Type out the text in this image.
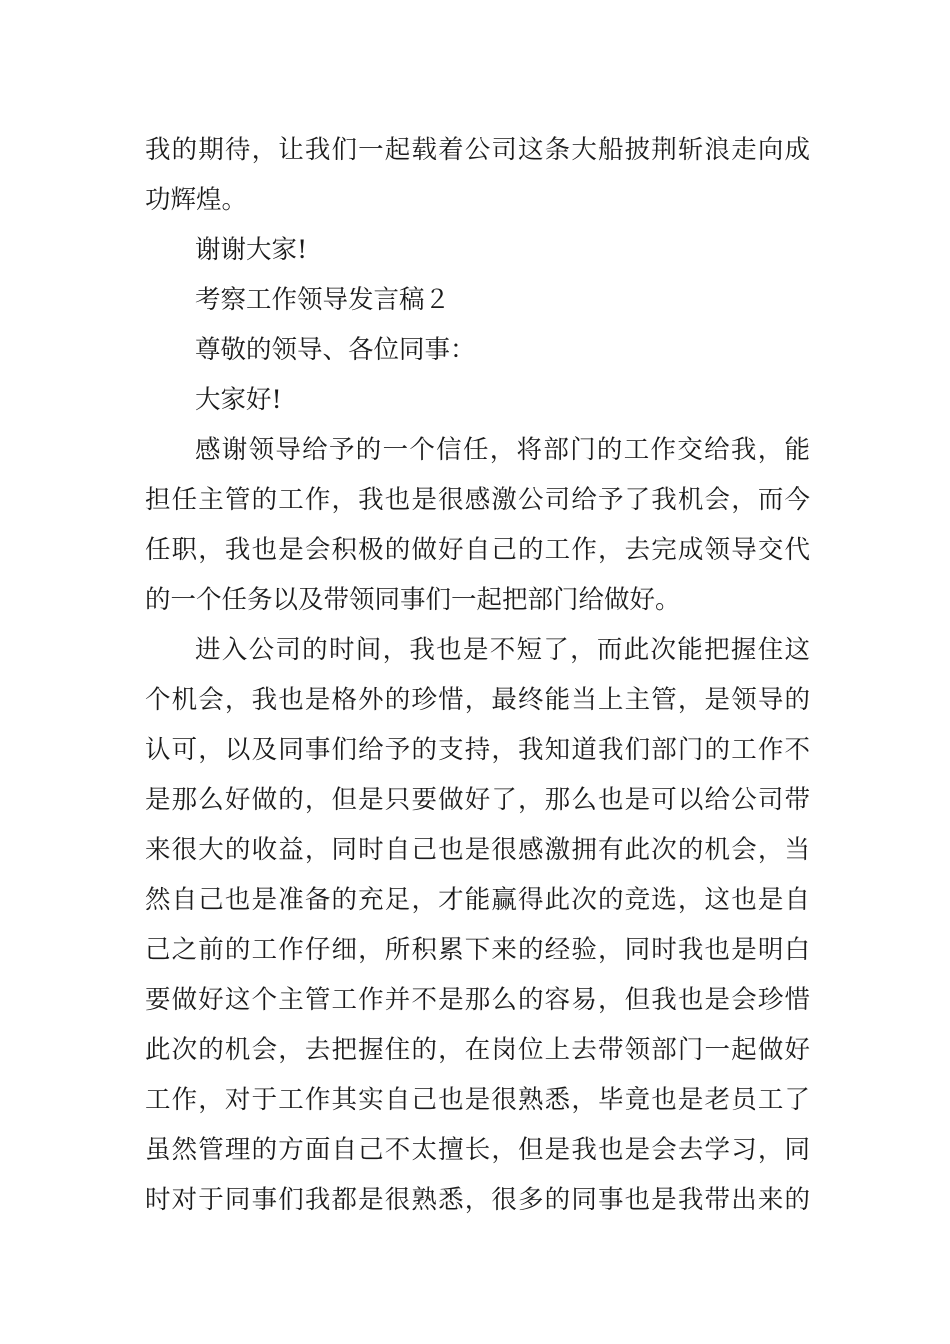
我的期待，让我们一起载着公司这条大船披荆斩浪走向成
功辉煌。
谢谢大家!
考察工作领导发言稿２
尊敬的领导、各位同事：
大家好!
感谢领导给予的一个信任，将部门的工作交给我，能
担任主管的工作，我也是很感激公司给予了我机会，而今
任职，我也是会积极的做好自己的工作，去完成领导交代
的一个任务以及带领同事们一起把部门给做好。
进入公司的时间，我也是不短了，而此次能把握住这
个机会，我也是格外的珍惜，最终能当上主管，是领导的
认可，以及同事们给予的支持，我知道我们部门的工作不
是那么好做的，但是只要做好了，那么也是可以给公司带
来很大的收益，同时自己也是很感激拥有此次的机会，当
然自己也是准备的充足，才能赢得此次的竞选，这也是自
己之前的工作仔细，所积累下来的经验，同时我也是明白
要做好这个主管工作并不是那么的容易，但我也是会珍惜
此次的机会，去把握住的，在岗位上去带领部门一起做好
工作，对于工作其实自己也是很熟悉，毕竟也是老员工了
虽然管理的方面自己不太擅长，但是我也是会去学习，同
时对于同事们我都是很熟悉，很多的同事也是我带出来的
